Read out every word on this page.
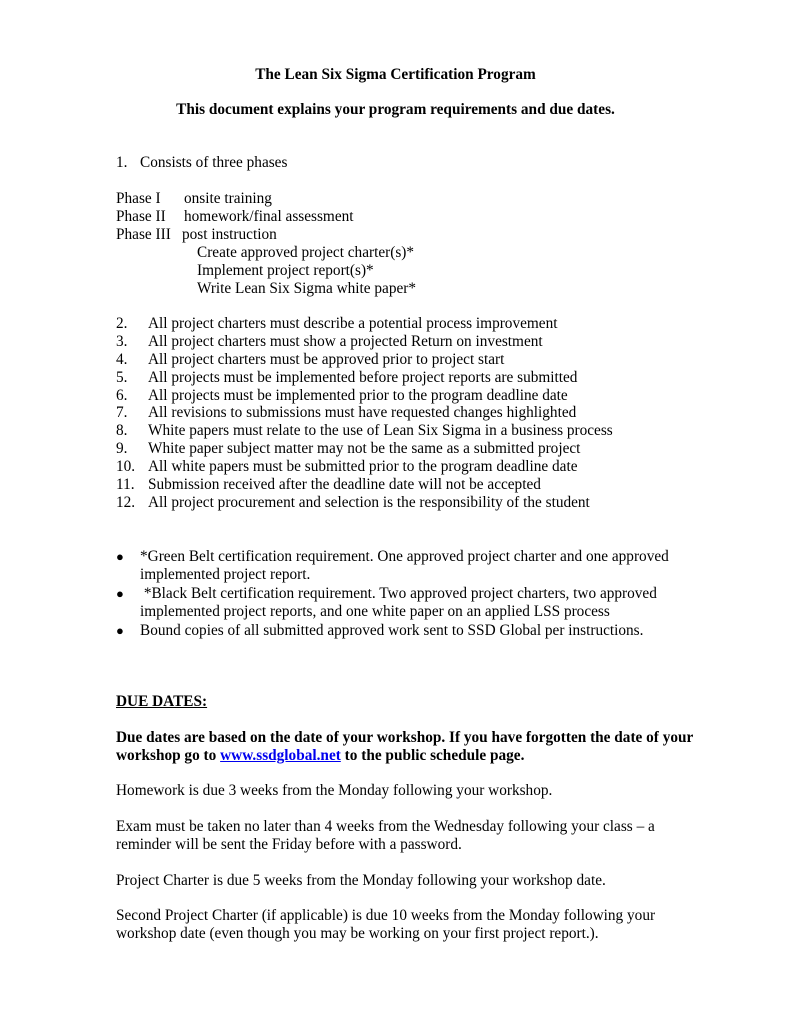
The Lean Six Sigma Certification Program
This document explains your program requirements and due dates.
1. Consists of three phases
Phase I onsite training
Phase II homework/final assessment
Phase III post instruction
Create approved project charter(s)*
Implement project report(s)*
Write Lean Six Sigma white paper*
2. All project charters must describe a potential process improvement
3. All project charters must show a projected Return on investment
4. All project charters must be approved prior to project start
5. All projects must be implemented before project reports are submitted
6. All projects must be implemented prior to the program deadline date
7. All revisions to submissions must have requested changes highlighted
8. White papers must relate to the use of Lean Six Sigma in a business process
9. White paper subject matter may not be the same as a submitted project
10. All white papers must be submitted prior to the program deadline date
11. Submission received after the deadline date will not be accepted
12. All project procurement and selection is the responsibility of the student
● *Green Belt certification requirement. One approved project charter and one approved implemented project report.
● *Black Belt certification requirement. Two approved project charters, two approved implemented project reports, and one white paper on an applied LSS process
● Bound copies of all submitted approved work sent to SSD Global per instructions.
DUE DATES:
Due dates are based on the date of your workshop. If you have forgotten the date of your workshop go to www.ssdglobal.net to the public schedule page.
Homework is due 3 weeks from the Monday following your workshop.
Exam must be taken no later than 4 weeks from the Wednesday following your class – a reminder will be sent the Friday before with a password.
Project Charter is due 5 weeks from the Monday following your workshop date.
Second Project Charter (if applicable) is due 10 weeks from the Monday following your workshop date (even though you may be working on your first project report.).
